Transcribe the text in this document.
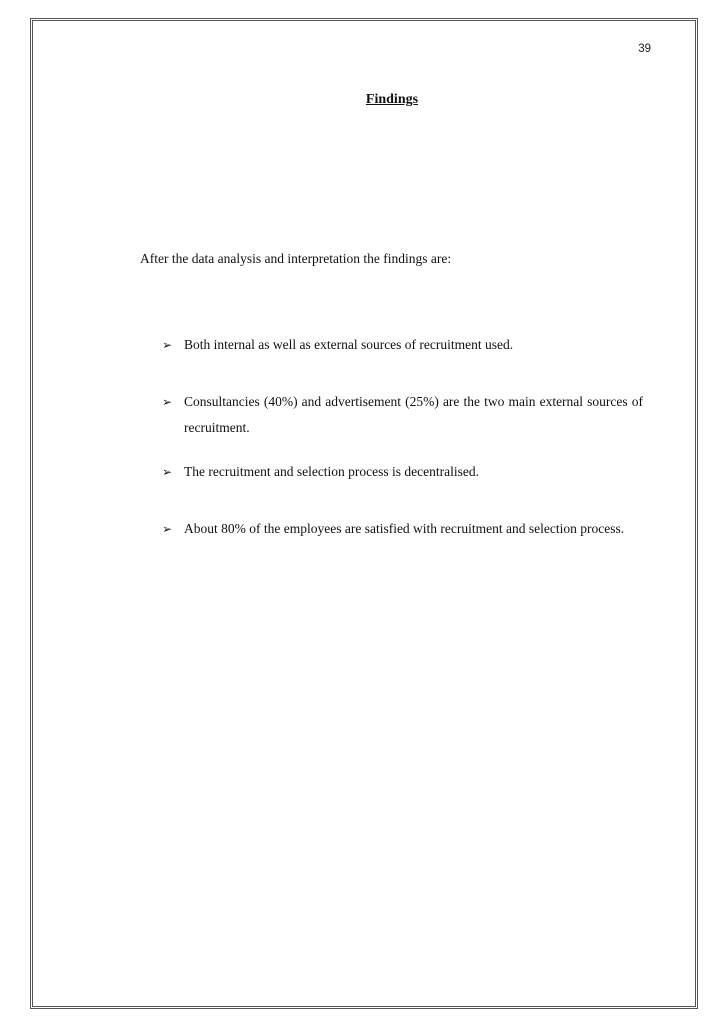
39
Findings
After the data analysis and interpretation the findings are:
➢ Both internal as well as external sources of recruitment used.
➢ Consultancies (40%) and advertisement (25%) are the two main external sources of recruitment.
➢ The recruitment and selection process is decentralised.
➢ About 80% of the employees are satisfied with recruitment and selection process.
